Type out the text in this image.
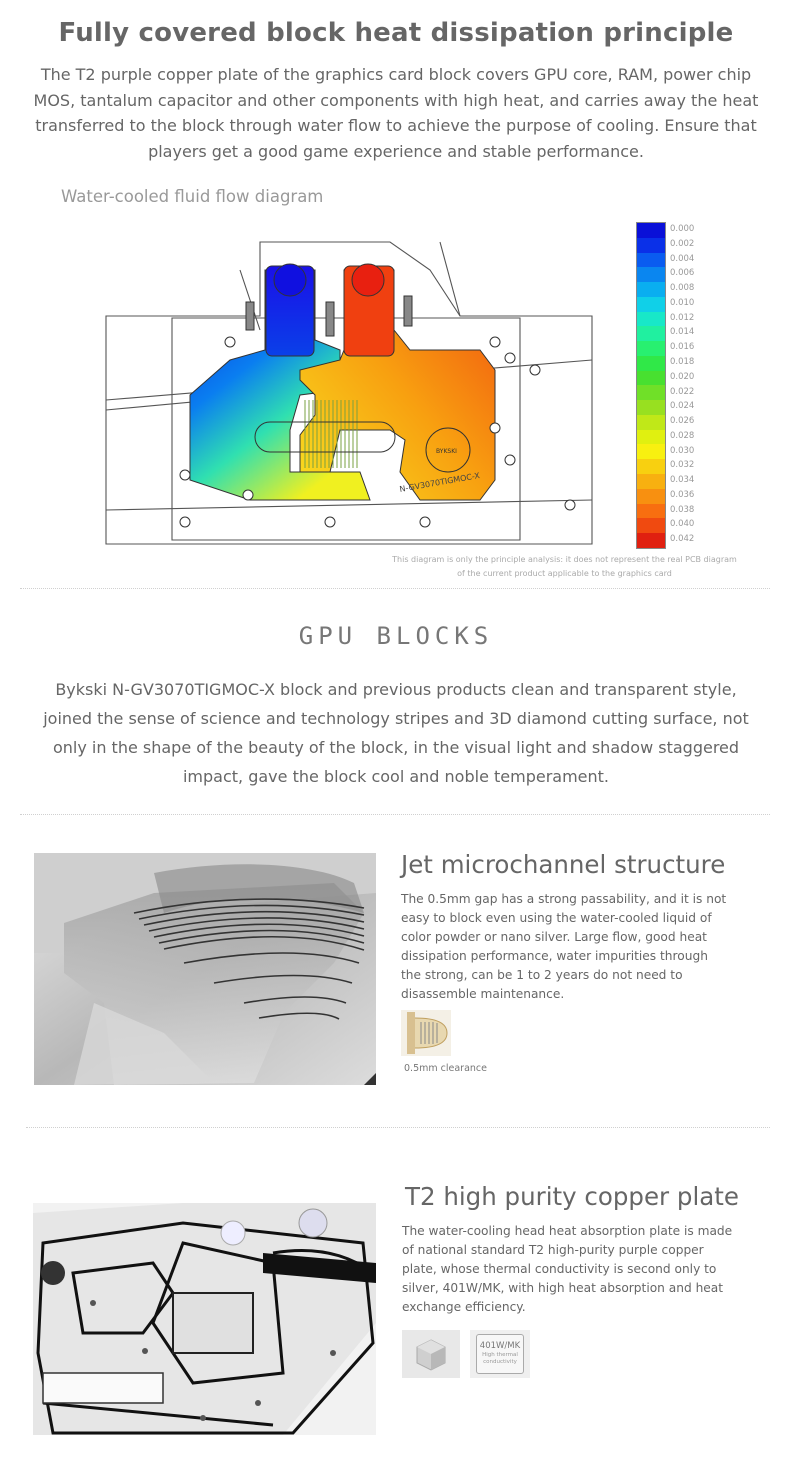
Fully covered block heat dissipation principle
The T2 purple copper plate of the graphics card block covers GPU core, RAM, power chip MOS, tantalum capacitor and other components with high heat, and carries away the heat transferred to the block through water flow to achieve the purpose of cooling. Ensure that players get a good game experience and stable performance.
Water-cooled fluid flow diagram
BYKSKI
N-GV3070TIGMOC-X
0.000
0.002
0.004
0.006
0.008
0.010
0.012
0.014
0.016
0.018
0.020
0.022
0.024
0.026
0.028
0.030
0.032
0.034
0.036
0.038
0.040
0.042
This diagram is only the principle analysis: it does not represent the real PCB diagram of the current product applicable to the graphics card
GPU BLOCKS
Bykski N-GV3070TIGMOC-X block and previous products clean and transparent style, joined the sense of science and technology stripes and 3D diamond cutting surface, not only in the shape of the beauty of the block, in the visual light and shadow staggered impact, gave the block cool and noble temperament.
Jet microchannel structure
The 0.5mm gap has a strong passability, and it is not easy to block even using the water-cooled liquid of color powder or nano silver. Large flow, good heat dissipation performance, water impurities through the strong, can be 1 to 2 years do not need to disassemble maintenance.
0.5mm clearance
T2 high purity copper plate
The water-cooling head heat absorption plate is made of national standard T2 high-purity purple copper plate, whose thermal conductivity is second only to silver, 401W/MK, with high heat absorption and heat exchange efficiency.
401W/MK
High thermal conductivity
